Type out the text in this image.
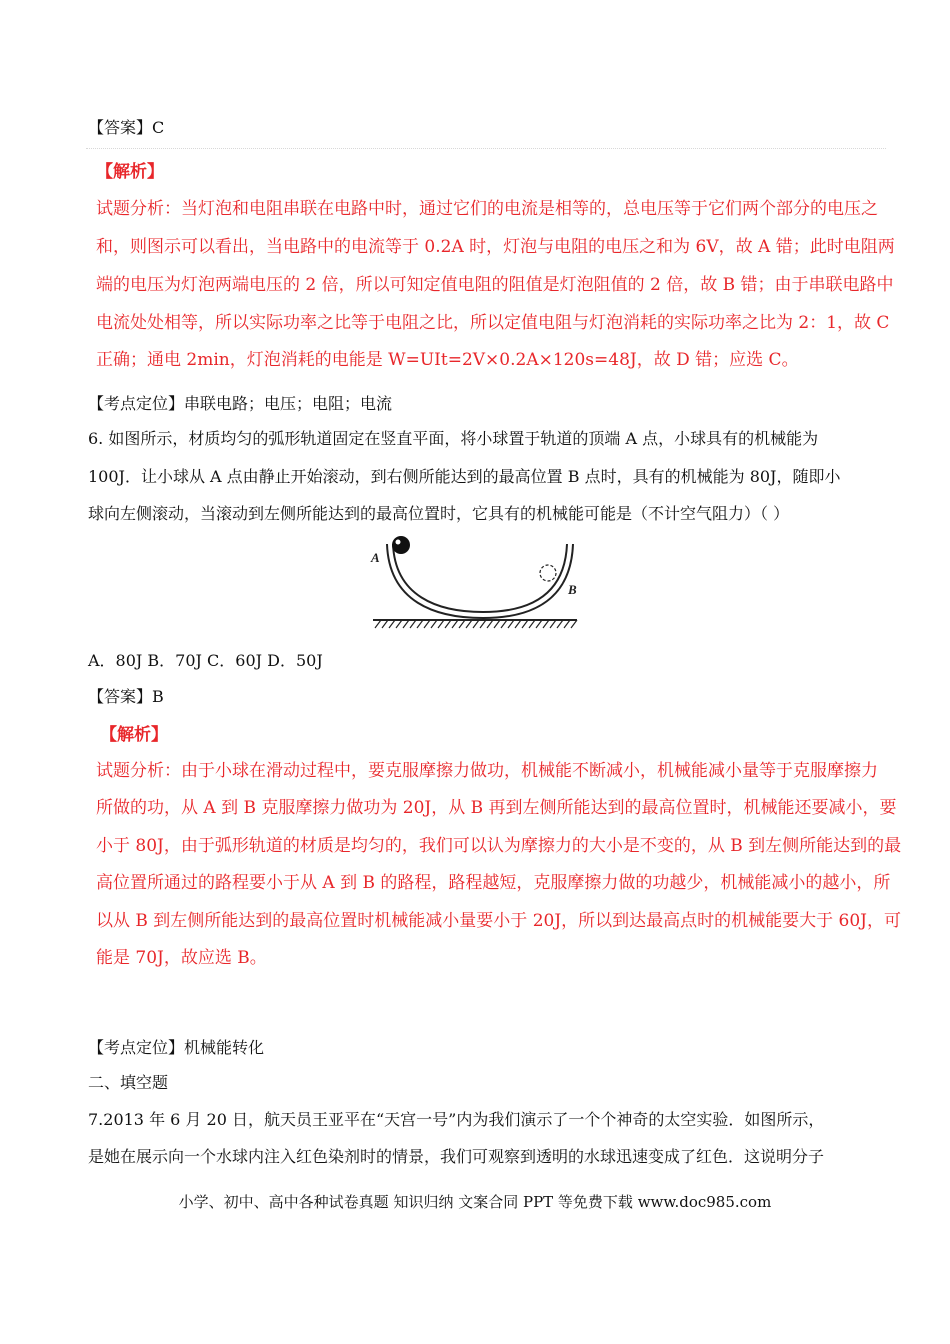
【答案】C
【解析】
试题分析：当灯泡和电阻串联在电路中时，通过它们的电流是相等的，总电压等于它们两个部分的电压之
和，则图示可以看出，当电路中的电流等于 0.2A 时，灯泡与电阻的电压之和为 6V，故 A 错；此时电阻两
端的电压为灯泡两端电压的 2 倍，所以可知定值电阻的阻值是灯泡阻值的 2 倍，故 B 错；由于串联电路中
电流处处相等，所以实际功率之比等于电阻之比，所以定值电阻与灯泡消耗的实际功率之比为 2：1，故 C
正确；通电 2min，灯泡消耗的电能是 W=UIt=2V×0.2A×120s=48J，故 D 错；应选 C。
【考点定位】串联电路；电压；电阻；电流
6. 如图所示，材质均匀的弧形轨道固定在竖直平面，将小球置于轨道的顶端 A 点，小球具有的机械能为
100J．让小球从 A 点由静止开始滚动，到右侧所能达到的最高位置 B 点时，具有的机械能为 80J，随即小
球向左侧滚动，当滚动到左侧所能达到的最高位置时，它具有的机械能可能是（不计空气阻力）（ ）
A
B
A．80J B．70J C．60J D．50J
【答案】B
【解析】
试题分析：由于小球在滑动过程中，要克服摩擦力做功，机械能不断减小，机械能减小量等于克服摩擦力
所做的功，从 A 到 B 克服摩擦力做功为 20J，从 B 再到左侧所能达到的最高位置时，机械能还要减小，要
小于 80J，由于弧形轨道的材质是均匀的，我们可以认为摩擦力的大小是不变的，从 B 到左侧所能达到的最
高位置所通过的路程要小于从 A 到 B 的路程，路程越短，克服摩擦力做的功越少，机械能减小的越小，所
以从 B 到左侧所能达到的最高位置时机械能减小量要小于 20J，所以到达最高点时的机械能要大于 60J，可
能是 70J，故应选 B。
【考点定位】机械能转化
二、填空题
7.2013 年 6 月 20 日，航天员王亚平在“天宫一号”内为我们演示了一个个神奇的太空实验．如图所示，
是她在展示向一个水球内注入红色染剂时的情景，我们可观察到透明的水球迅速变成了红色．这说明分子
小学、初中、高中各种试卷真题 知识归纳 文案合同 PPT 等免费下载 www.doc985.com
